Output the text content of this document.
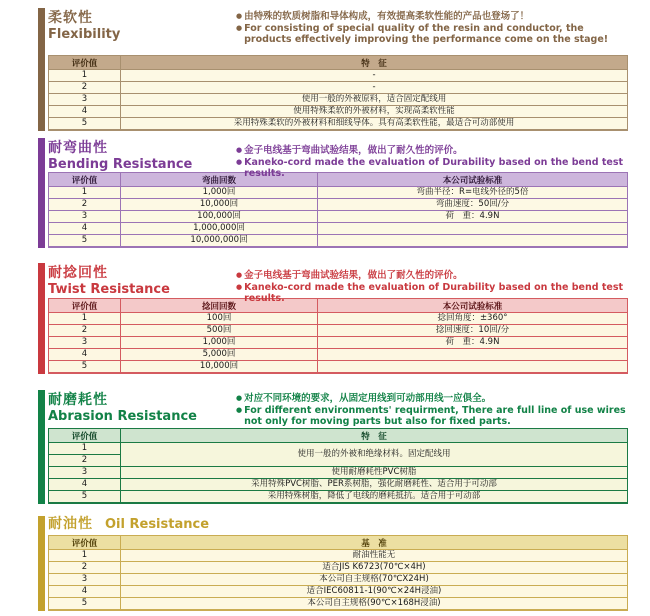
柔软性
Flexibility
● 由特殊的软质树脂和导体构成，有效提高柔软性能的产品也登场了！
● For consisting of special quality of the resin and conductor, the products effectively improving the performance come on the stage!
评价值	特　征
1	-
2	-
3	使用一般的外被原料，适合固定配线用
4	使用特殊柔软的外被材料，实现高柔软性能
5	采用特殊柔软的外被材料和细线导体。具有高柔软性能，最适合可动部使用
耐弯曲性
Bending Resistance
● 金子电线基于弯曲试验结果，做出了耐久性的评价。
● Kaneko-cord made the evaluation of Durability based on the bend test results.
评价值	弯曲回数	本公司试验标准
1	1,000回	弯曲半径：R=电线外径的5倍
2	10,000回	弯曲速度：50回/分
3	100,000回	荷　重：4.9N
4	1,000,000回	
5	10,000,000回	
耐捻回性
Twist Resistance
● 金子电线基于弯曲试验结果，做出了耐久性的评价。
● Kaneko-cord made the evaluation of Durability based on the bend test results.
评价值	捻回回数	本公司试验标准
1	100回	捻回角度：±360°
2	500回	捻回速度：10回/分
3	1,000回	荷　重：4.9N
4	5,000回	
5	10,000回	
耐磨耗性
Abrasion Resistance
● 对应不同环境的要求，从固定用线到可动部用线一应俱全。
● For different environments' requirment, There are full line of use wires not only for moving parts but also for fixed parts.
评价值	特　征
1	使用一般的外被和绝缘材料。固定配线用
2	
3	使用耐磨耗性PVC树脂
4	采用特殊PVC树脂、PER系树脂，强化耐磨耗性、适合用于可动部
5	采用特殊树脂，降低了电线的磨耗抵抗。适合用于可动部
耐油性 Oil Resistance
评价值	基　准
1	耐油性能无
2	适合JIS K6723(70℃×4H)
3	本公司自主规格(70℃X24H)
4	适合IEC60811-1(90℃×24H浸油)
5	本公司自主规格(90℃×168H浸油)
